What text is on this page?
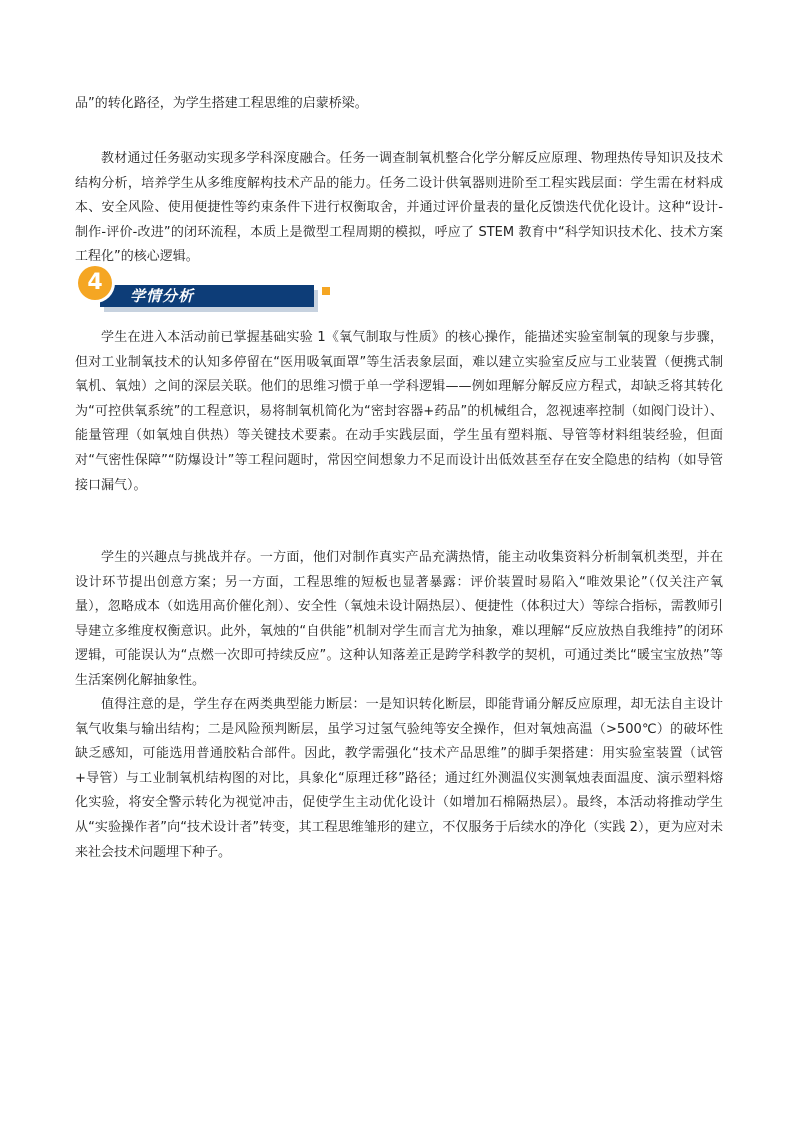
品”的转化路径，为学生搭建工程思维的启蒙桥梁。

教材通过任务驱动实现多学科深度融合。任务一调查制氧机整合化学分解反应原理、物理热传导知识及技术结构分析，培养学生从多维度解构技术产品的能力。任务二设计供氧器则进阶至工程实践层面：学生需在材料成本、安全风险、使用便捷性等约束条件下进行权衡取舍，并通过评价量表的量化反馈迭代优化设计。这种“设计-制作-评价-改进”的闭环流程，本质上是微型工程周期的模拟，呼应了 STEM 教育中“科学知识技术化、技术方案工程化”的核心逻辑。

学情分析
4

学生在进入本活动前已掌握基础实验 1《氧气制取与性质》的核心操作，能描述实验室制氧的现象与步骤，但对工业制氧技术的认知多停留在“医用吸氧面罩”等生活表象层面，难以建立实验室反应与工业装置（便携式制氧机、氧烛）之间的深层关联。他们的思维习惯于单一学科逻辑——例如理解分解反应方程式，却缺乏将其转化为“可控供氧系统”的工程意识，易将制氧机简化为“密封容器+药品”的机械组合，忽视速率控制（如阀门设计）、能量管理（如氧烛自供热）等关键技术要素。在动手实践层面，学生虽有塑料瓶、导管等材料组装经验，但面对“气密性保障”“防爆设计”等工程问题时，常因空间想象力不足而设计出低效甚至存在安全隐患的结构（如导管接口漏气）。

学生的兴趣点与挑战并存。一方面，他们对制作真实产品充满热情，能主动收集资料分析制氧机类型，并在设计环节提出创意方案；另一方面，工程思维的短板也显著暴露：评价装置时易陷入“唯效果论”（仅关注产氧量），忽略成本（如选用高价催化剂）、安全性（氧烛未设计隔热层）、便捷性（体积过大）等综合指标，需教师引导建立多维度权衡意识。此外，氧烛的“自供能”机制对学生而言尤为抽象，难以理解“反应放热自我维持”的闭环逻辑，可能误认为“点燃一次即可持续反应”。这种认知落差正是跨学科教学的契机，可通过类比“暖宝宝放热”等生活案例化解抽象性。

值得注意的是，学生存在两类典型能力断层：一是知识转化断层，即能背诵分解反应原理，却无法自主设计氧气收集与输出结构；二是风险预判断层，虽学习过氢气验纯等安全操作，但对氧烛高温（>500℃）的破坏性缺乏感知，可能选用普通胶粘合部件。因此，教学需强化“技术产品思维”的脚手架搭建：用实验室装置（试管+导管）与工业制氧机结构图的对比，具象化“原理迁移”路径；通过红外测温仪实测氧烛表面温度、演示塑料熔化实验，将安全警示转化为视觉冲击，促使学生主动优化设计（如增加石棉隔热层）。最终，本活动将推动学生从“实验操作者”向“技术设计者”转变，其工程思维雏形的建立，不仅服务于后续水的净化（实践 2），更为应对未来社会技术问题埋下种子。
